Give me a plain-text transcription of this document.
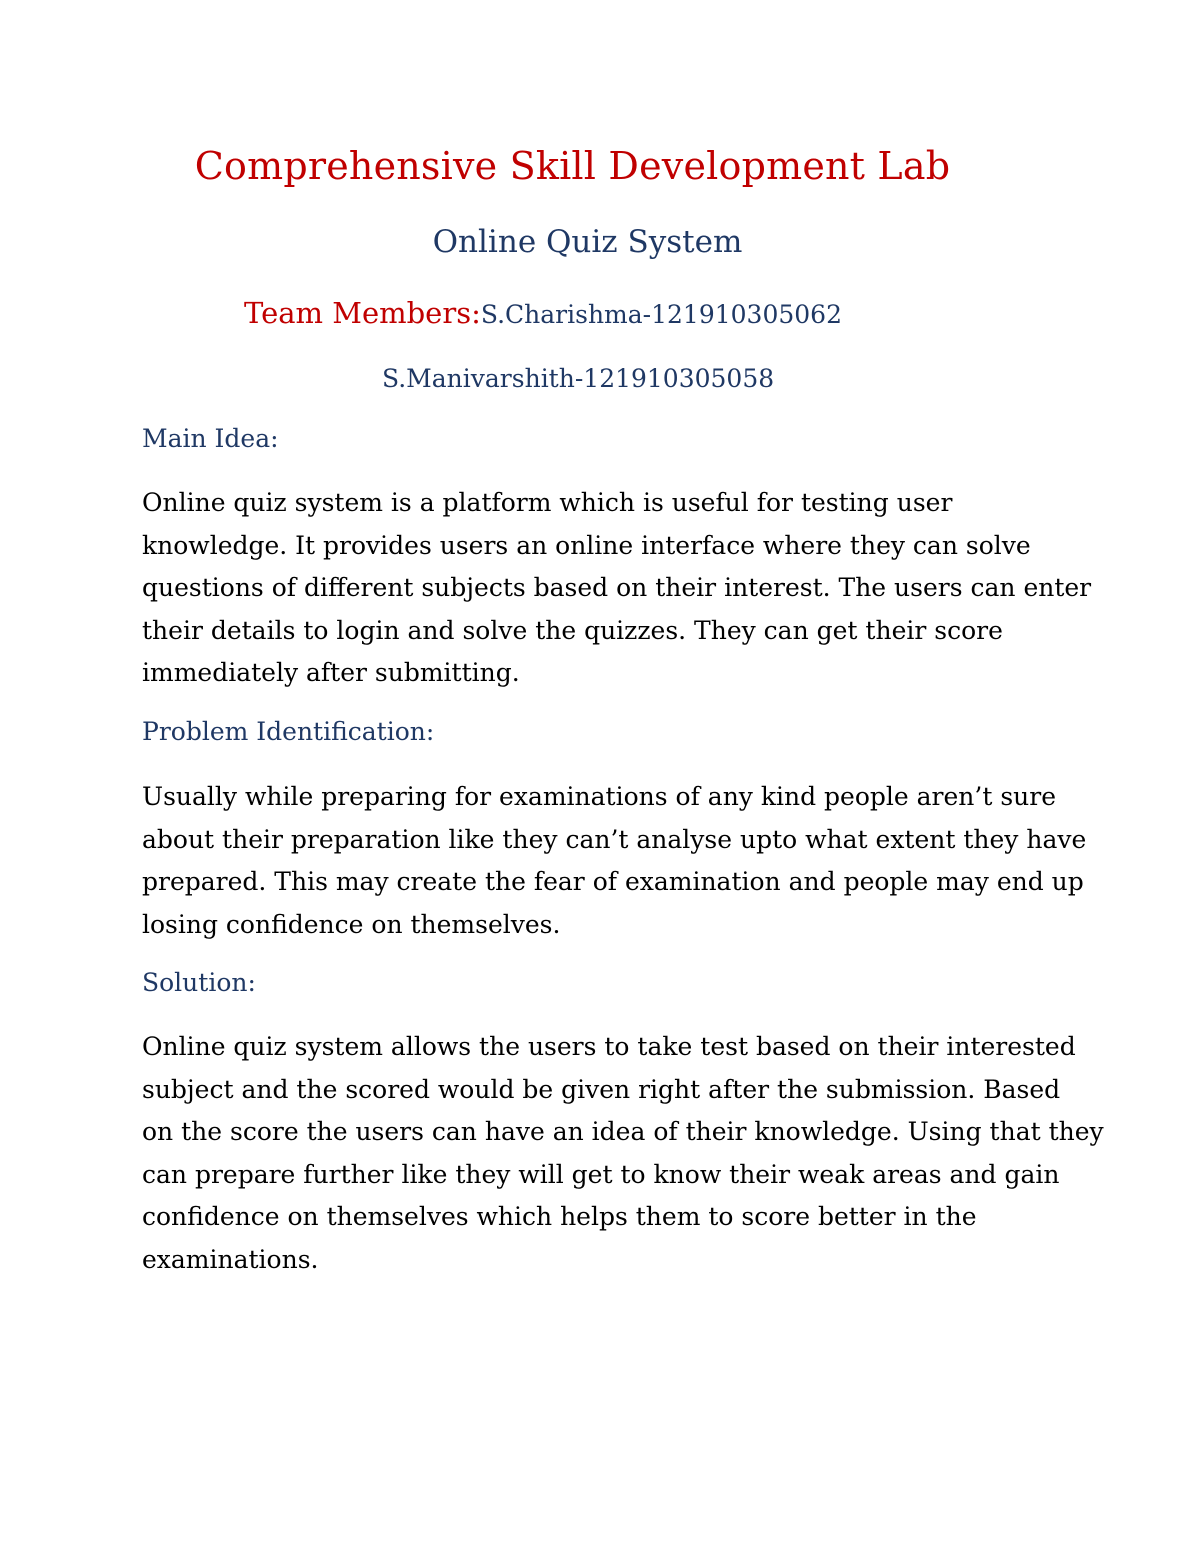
Comprehensive Skill Development Lab
Online Quiz System
Team Members:S.Charishma-121910305062
S.Manivarshith-121910305058
Main Idea:
Online quiz system is a platform which is useful for testing user
knowledge. It provides users an online interface where they can solve
questions of different subjects based on their interest. The users can enter
their details to login and solve the quizzes. They can get their score
immediately after submitting.
Problem Identification:
Usually while preparing for examinations of any kind people aren’t sure
about their preparation like they can’t analyse upto what extent they have
prepared. This may create the fear of examination and people may end up
losing confidence on themselves.
Solution:
Online quiz system allows the users to take test based on their interested
subject and the scored would be given right after the submission. Based
on the score the users can have an idea of their knowledge. Using that they
can prepare further like they will get to know their weak areas and gain
confidence on themselves which helps them to score better in the
examinations.
